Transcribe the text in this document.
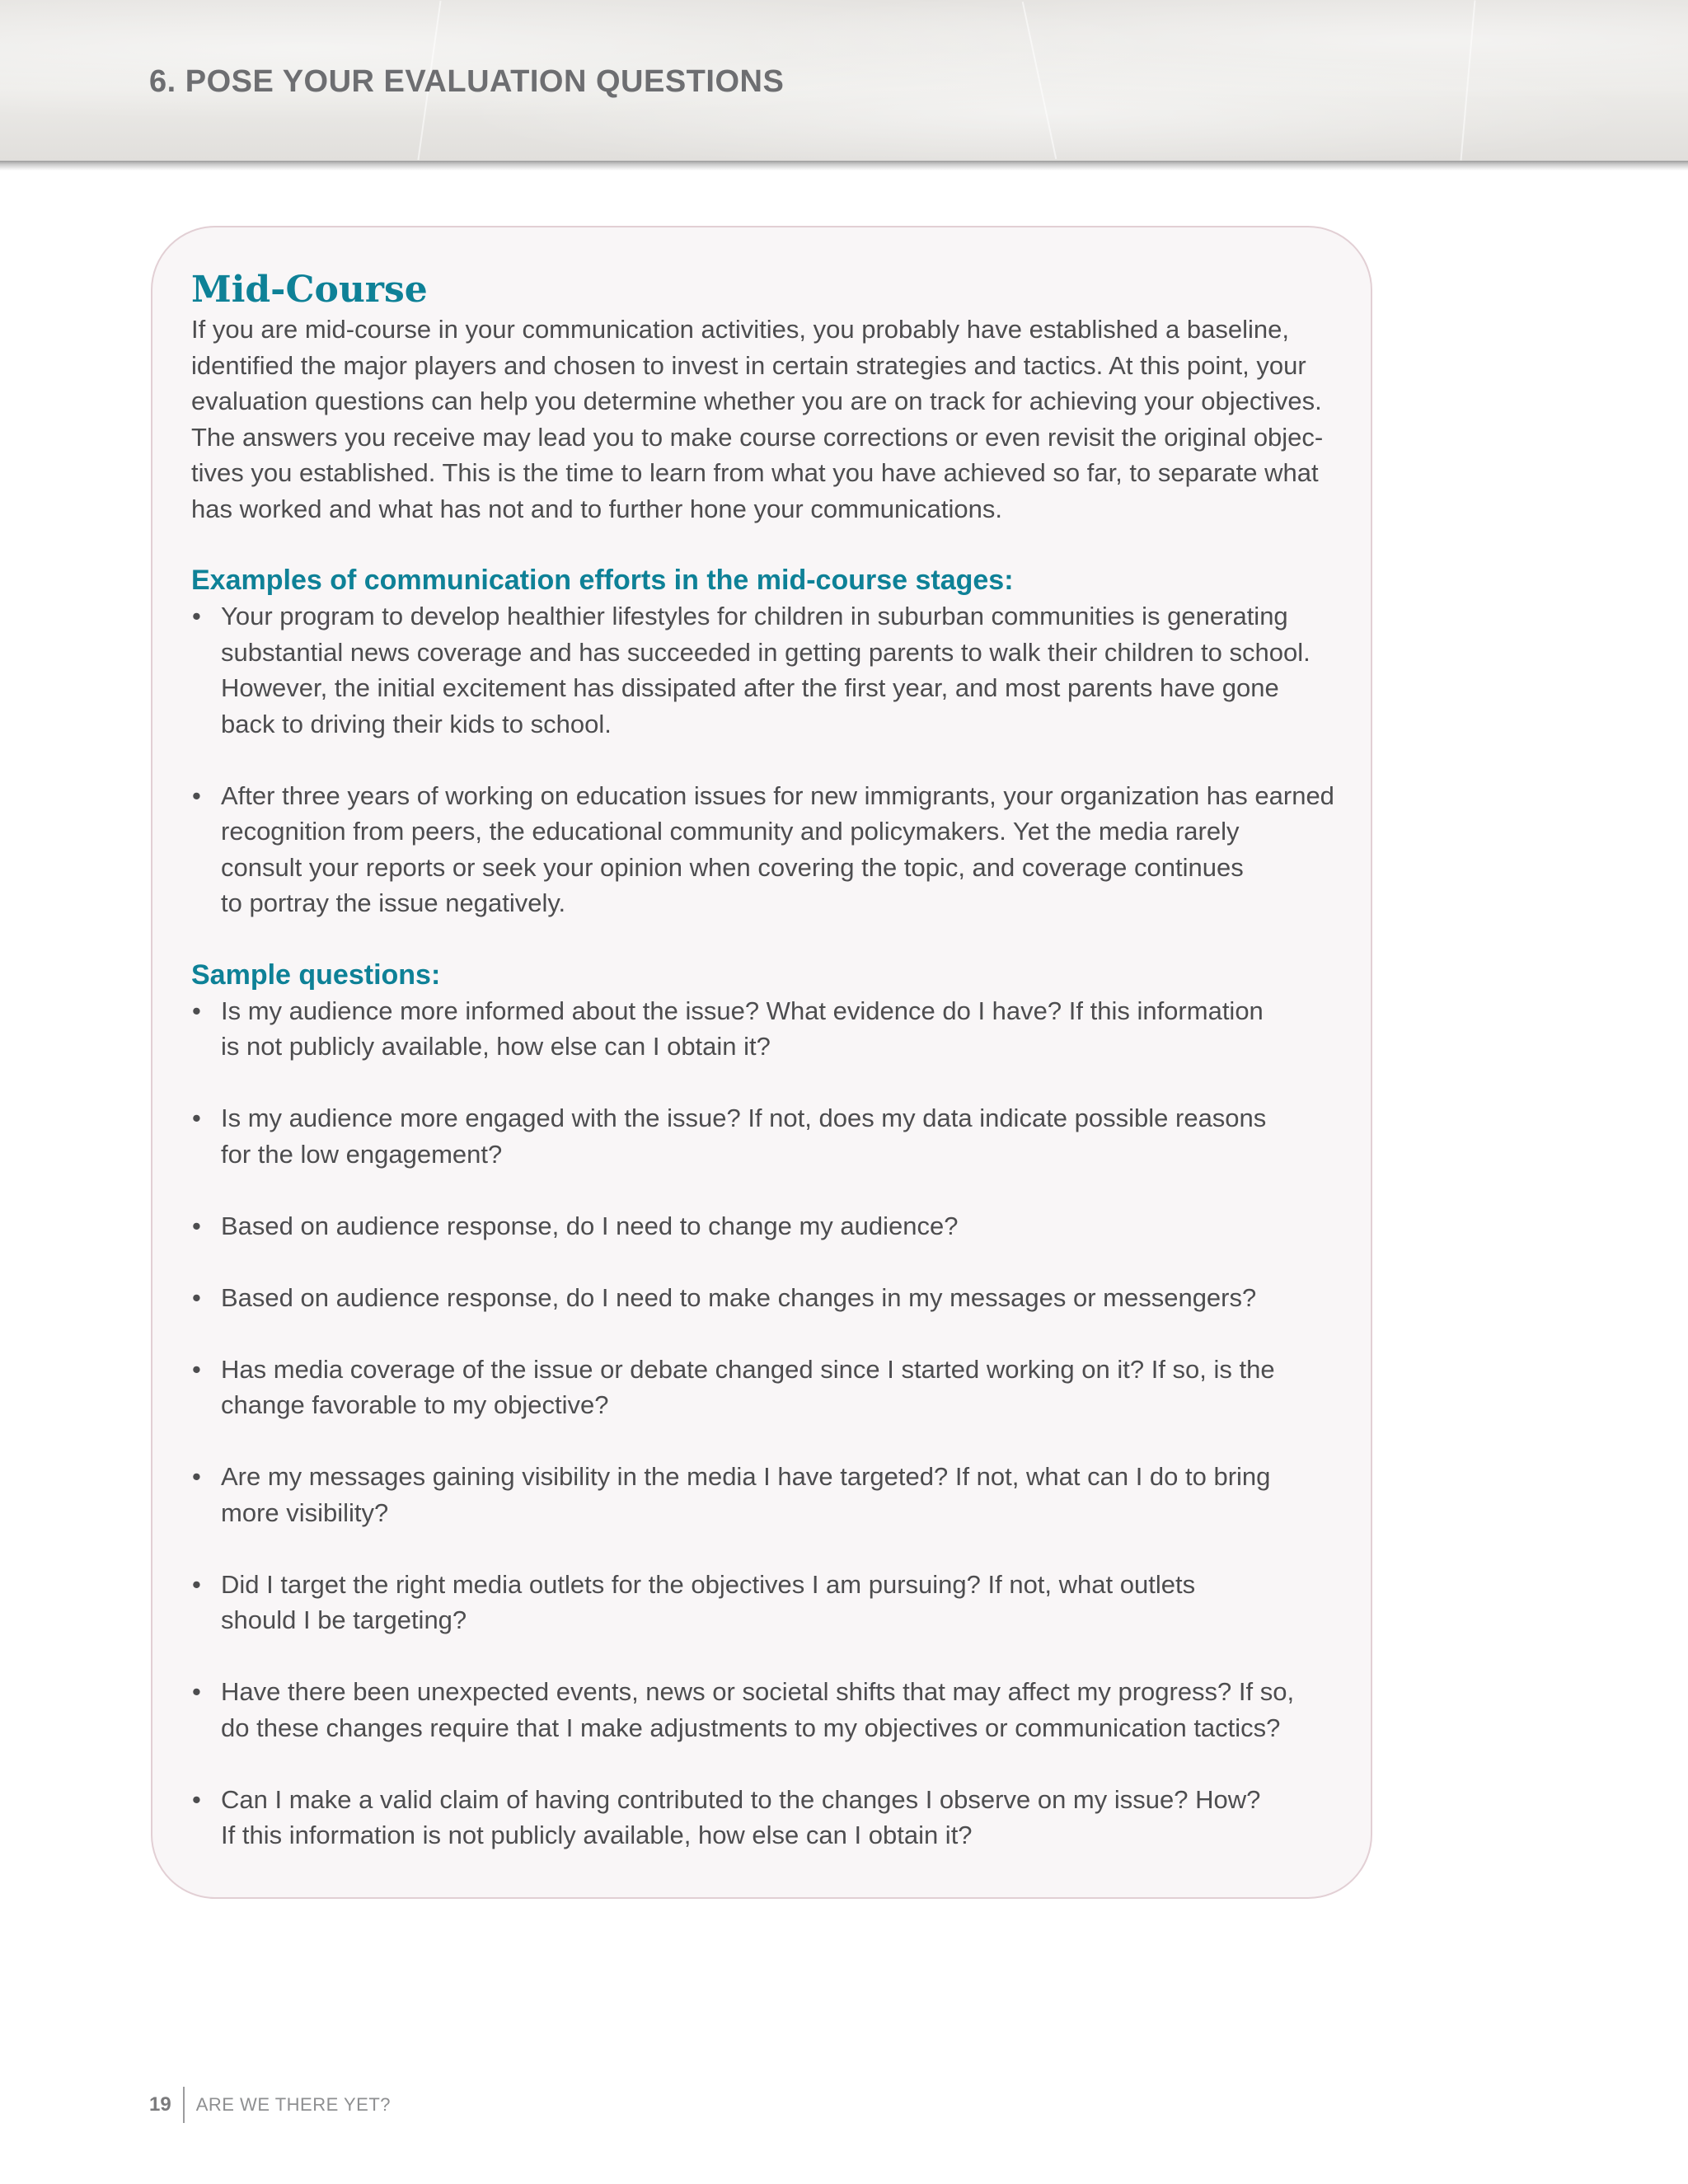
6. POSE YOUR EVALUATION QUESTIONS
Mid-Course

If you are mid-course in your communication activities, you probably have established a baseline,
identified the major players and chosen to invest in certain strategies and tactics. At this point, your
evaluation questions can help you determine whether you are on track for achieving your objectives.
The answers you receive may lead you to make course corrections or even revisit the original objec-
tives you established. This is the time to learn from what you have achieved so far, to separate what
has worked and what has not and to further hone your communications.

Examples of communication efforts in the mid-course stages:
• Your program to develop healthier lifestyles for children in suburban communities is generating
substantial news coverage and has succeeded in getting parents to walk their children to school.
However, the initial excitement has dissipated after the first year, and most parents have gone
back to driving their kids to school.
• After three years of working on education issues for new immigrants, your organization has earned
recognition from peers, the educational community and policymakers. Yet the media rarely
consult your reports or seek your opinion when covering the topic, and coverage continues
to portray the issue negatively.
Sample questions:
• Is my audience more informed about the issue? What evidence do I have? If this information
is not publicly available, how else can I obtain it?
• Is my audience more engaged with the issue? If not, does my data indicate possible reasons
for the low engagement?
• Based on audience response, do I need to change my audience?
• Based on audience response, do I need to make changes in my messages or messengers?
• Has media coverage of the issue or debate changed since I started working on it? If so, is the
change favorable to my objective?
• Are my messages gaining visibility in the media I have targeted? If not, what can I do to bring
more visibility?
• Did I target the right media outlets for the objectives I am pursuing? If not, what outlets
should I be targeting?
• Have there been unexpected events, news or societal shifts that may affect my progress? If so,
do these changes require that I make adjustments to my objectives or communication tactics?
• Can I make a valid claim of having contributed to the changes I observe on my issue? How?
If this information is not publicly available, how else can I obtain it?
19 ARE WE THERE YET?
